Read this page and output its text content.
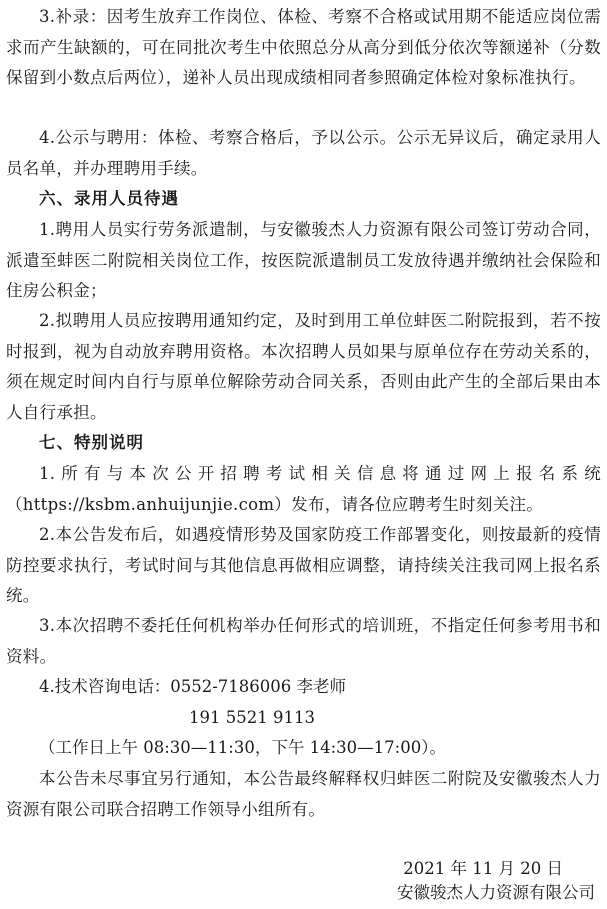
3.补录：因考生放弃工作岗位、体检、考察不合格或试用期不能适应岗位需求而产生缺额的，可在同批次考生中依照总分从高分到低分依次等额递补（分数保留到小数点后两位），递补人员出现成绩相同者参照确定体检对象标准执行。

4.公示与聘用：体检、考察合格后，予以公示。公示无异议后，确定录用人员名单，并办理聘用手续。

六、录用人员待遇

1.聘用人员实行劳务派遣制，与安徽骏杰人力资源有限公司签订劳动合同，派遣至蚌医二附院相关岗位工作，按医院派遣制员工发放待遇并缴纳社会保险和住房公积金；

2.拟聘用人员应按聘用通知约定，及时到用工单位蚌医二附院报到，若不按时报到，视为自动放弃聘用资格。本次招聘人员如果与原单位存在劳动关系的，须在规定时间内自行与原单位解除劳动合同关系，否则由此产生的全部后果由本人自行承担。

七、特别说明

1.所有与本次公开招聘考试相关信息将通过网上报名系统（https://ksbm.anhuijunjie.com）发布，请各位应聘考生时刻关注。

2.本公告发布后，如遇疫情形势及国家防疫工作部署变化，则按最新的疫情防控要求执行，考试时间与其他信息再做相应调整，请持续关注我司网上报名系统。

3.本次招聘不委托任何机构举办任何形式的培训班，不指定任何参考用书和资料。

4.技术咨询电话：0552-7186006 李老师

191 5521 9113

（工作日上午 08:30—11:30，下午 14:30—17:00）。

本公告未尽事宜另行通知，本公告最终解释权归蚌医二附院及安徽骏杰人力资源有限公司联合招聘工作领导小组所有。

2021 年 11 月 20 日

安徽骏杰人力资源有限公司
